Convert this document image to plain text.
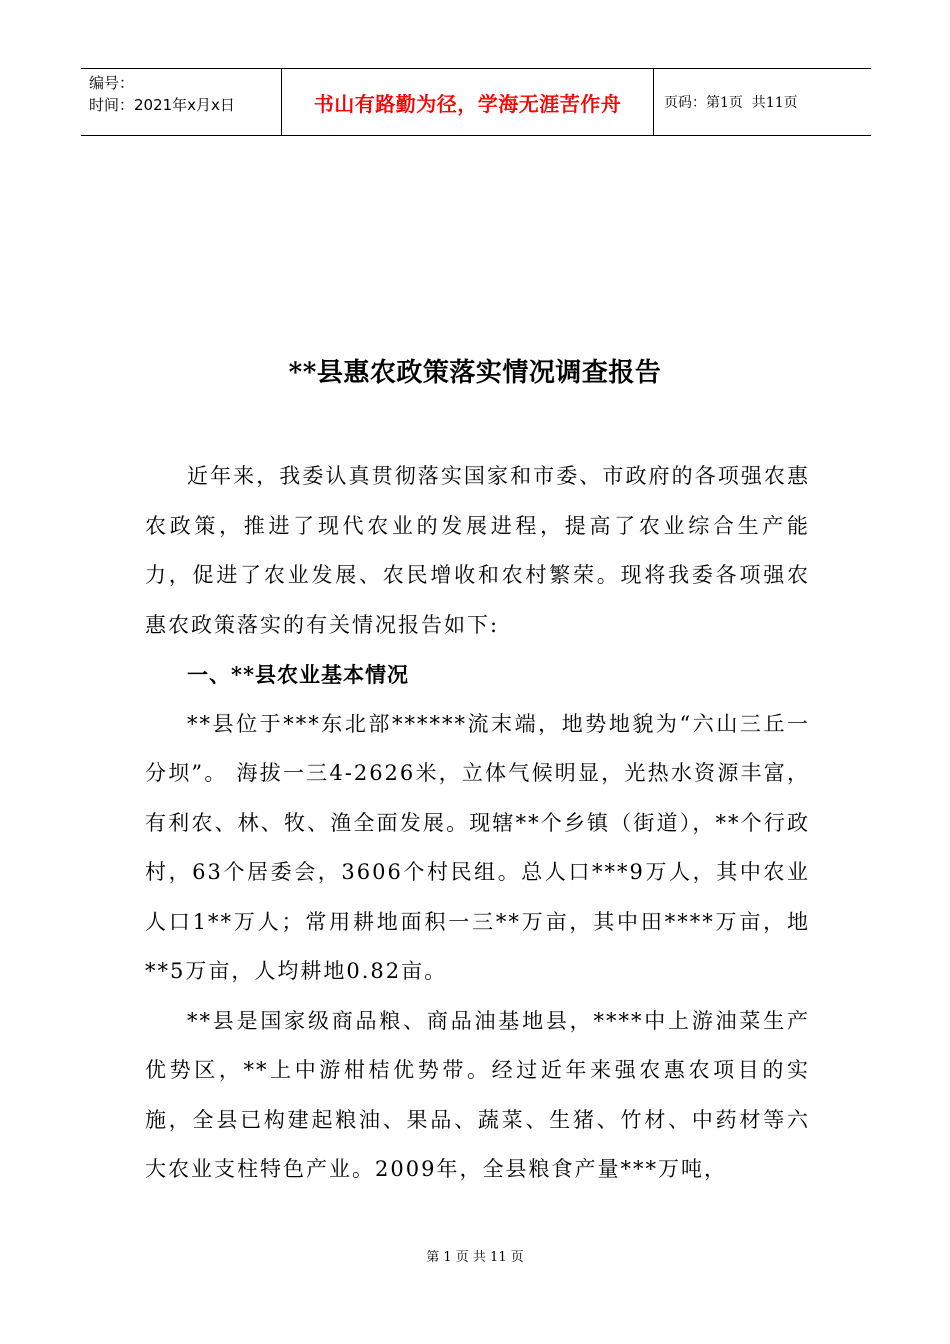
编号：
时间：2021年x月x日	书山有路勤为径，学海无涯苦作舟	页码：第1页  共11页
**县惠农政策落实情况调查报告

近年来，我委认真贯彻落实国家和市委、市政府的各项强农惠农政策，推进了现代农业的发展进程，提高了农业综合生产能力，促进了农业发展、农民增收和农村繁荣。现将我委各项强农惠农政策落实的有关情况报告如下:

一、**县农业基本情况

**县位于***东北部******流末端，地势地貌为“六山三丘一分坝”。 海拔一三4-2626米，立体气候明显，光热水资源丰富，有利农、林、牧、渔全面发展。现辖**个乡镇（街道），**个行政村，63个居委会，3606个村民组。总人口***9万人，其中农业人口1**万人；常用耕地面积一三**万亩，其中田****万亩，地**5万亩，人均耕地0.82亩。

**县是国家级商品粮、商品油基地县，****中上游油菜生产优势区，**上中游柑桔优势带。经过近年来强农惠农项目的实施，全县已构建起粮油、果品、蔬菜、生猪、竹材、中药材等六大农业支柱特色产业。2009年，全县粮食产量***万吨，

第 1 页 共 11 页
